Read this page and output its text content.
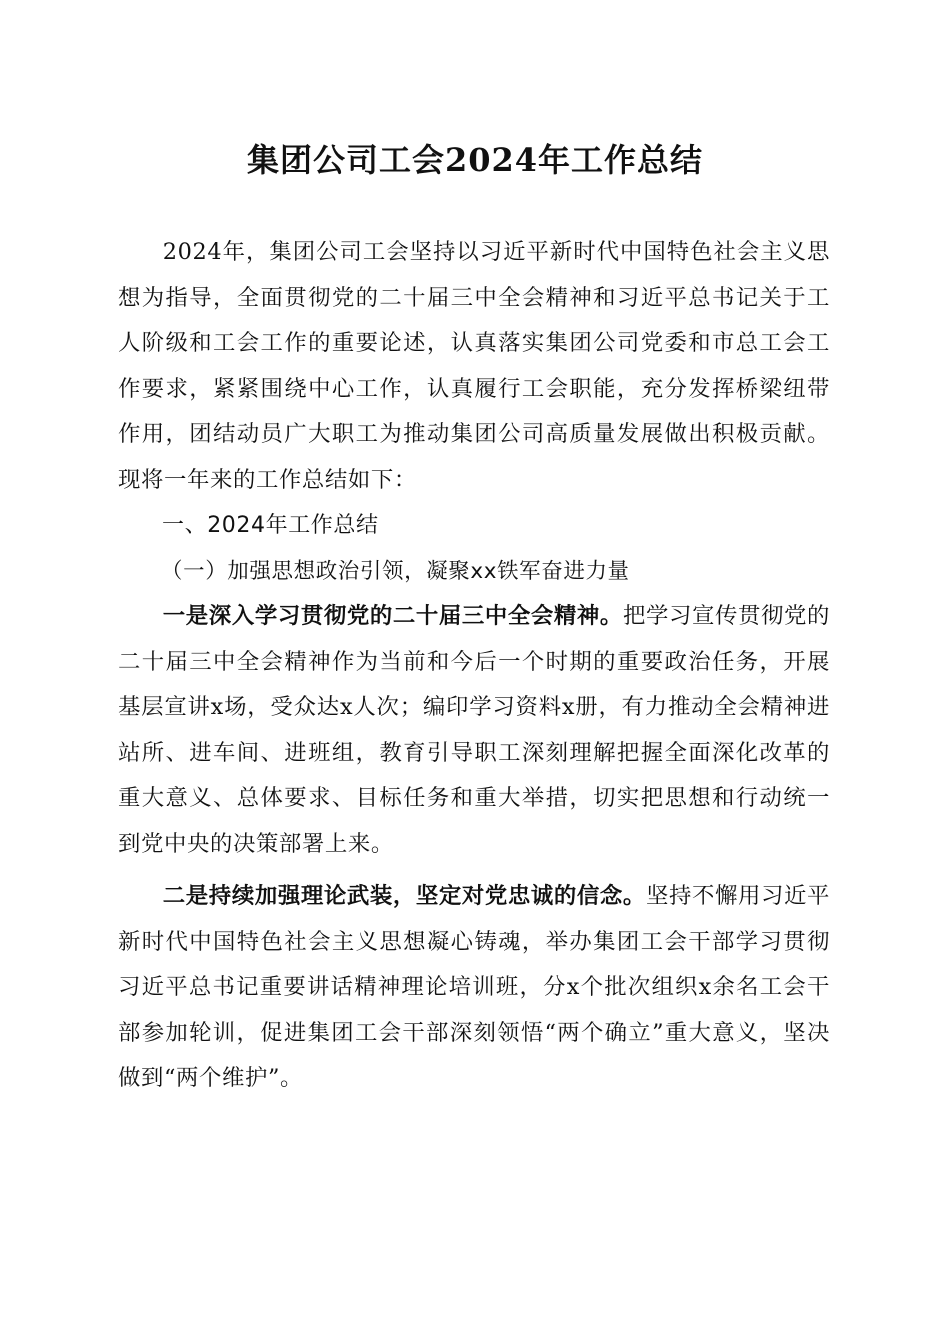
集团公司工会2024年工作总结

2024年，集团公司工会坚持以习近平新时代中国特色社会主义思想为指导，全面贯彻党的二十届三中全会精神和习近平总书记关于工人阶级和工会工作的重要论述，认真落实集团公司党委和市总工会工作要求，紧紧围绕中心工作，认真履行工会职能，充分发挥桥梁纽带作用，团结动员广大职工为推动集团公司高质量发展做出积极贡献。现将一年来的工作总结如下：

一、2024年工作总结

（一）加强思想政治引领，凝聚xx铁军奋进力量

一是深入学习贯彻党的二十届三中全会精神。把学习宣传贯彻党的二十届三中全会精神作为当前和今后一个时期的重要政治任务，开展基层宣讲x场，受众达x人次；编印学习资料x册，有力推动全会精神进站所、进车间、进班组，教育引导职工深刻理解把握全面深化改革的重大意义、总体要求、目标任务和重大举措，切实把思想和行动统一到党中央的决策部署上来。

二是持续加强理论武装，坚定对党忠诚的信念。坚持不懈用习近平新时代中国特色社会主义思想凝心铸魂，举办集团工会干部学习贯彻习近平总书记重要讲话精神理论培训班，分x个批次组织x余名工会干部参加轮训，促进集团工会干部深刻领悟“两个确立”重大意义，坚决做到“两个维护”。
